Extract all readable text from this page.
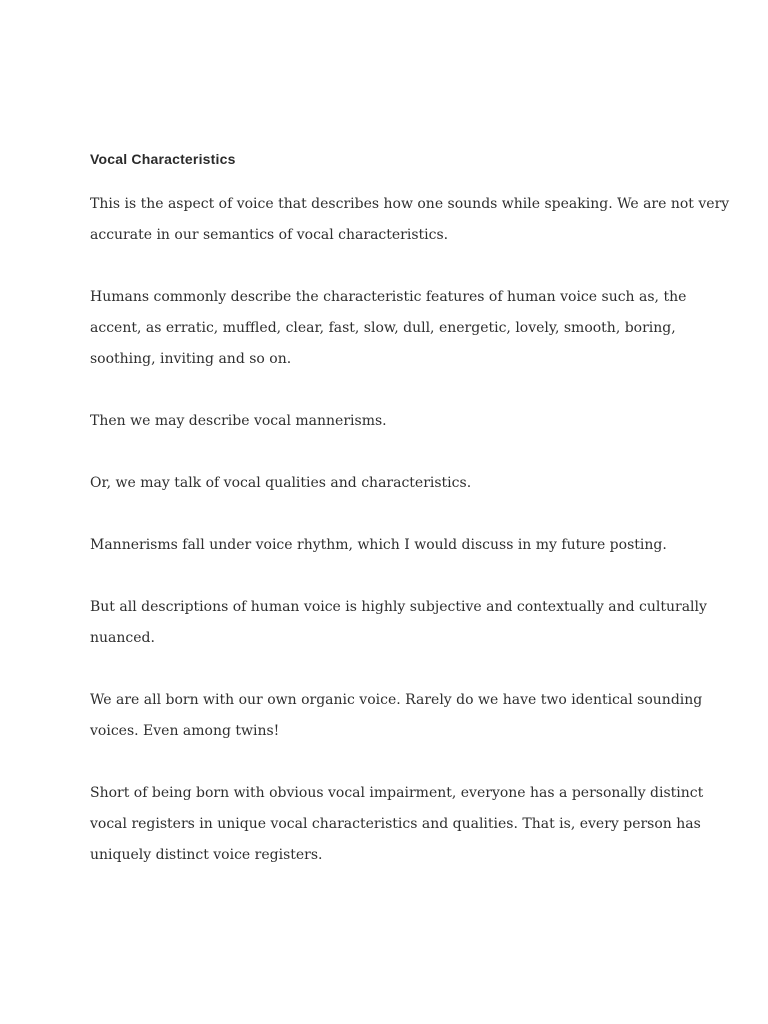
Vocal Characteristics

This is the aspect of voice that describes how one sounds while speaking. We are not very
accurate in our semantics of vocal characteristics.

Humans commonly describe the characteristic features of human voice such as, the
accent, as erratic, muffled, clear, fast, slow, dull, energetic, lovely, smooth, boring,
soothing, inviting and so on.

Then we may describe vocal mannerisms.

Or, we may talk of vocal qualities and characteristics.

Mannerisms fall under voice rhythm, which I would discuss in my future posting.

But all descriptions of human voice is highly subjective and contextually and culturally
nuanced.

We are all born with our own organic voice. Rarely do we have two identical sounding
voices. Even among twins!

Short of being born with obvious vocal impairment, everyone has a personally distinct
vocal registers in unique vocal characteristics and qualities. That is, every person has
uniquely distinct voice registers.
